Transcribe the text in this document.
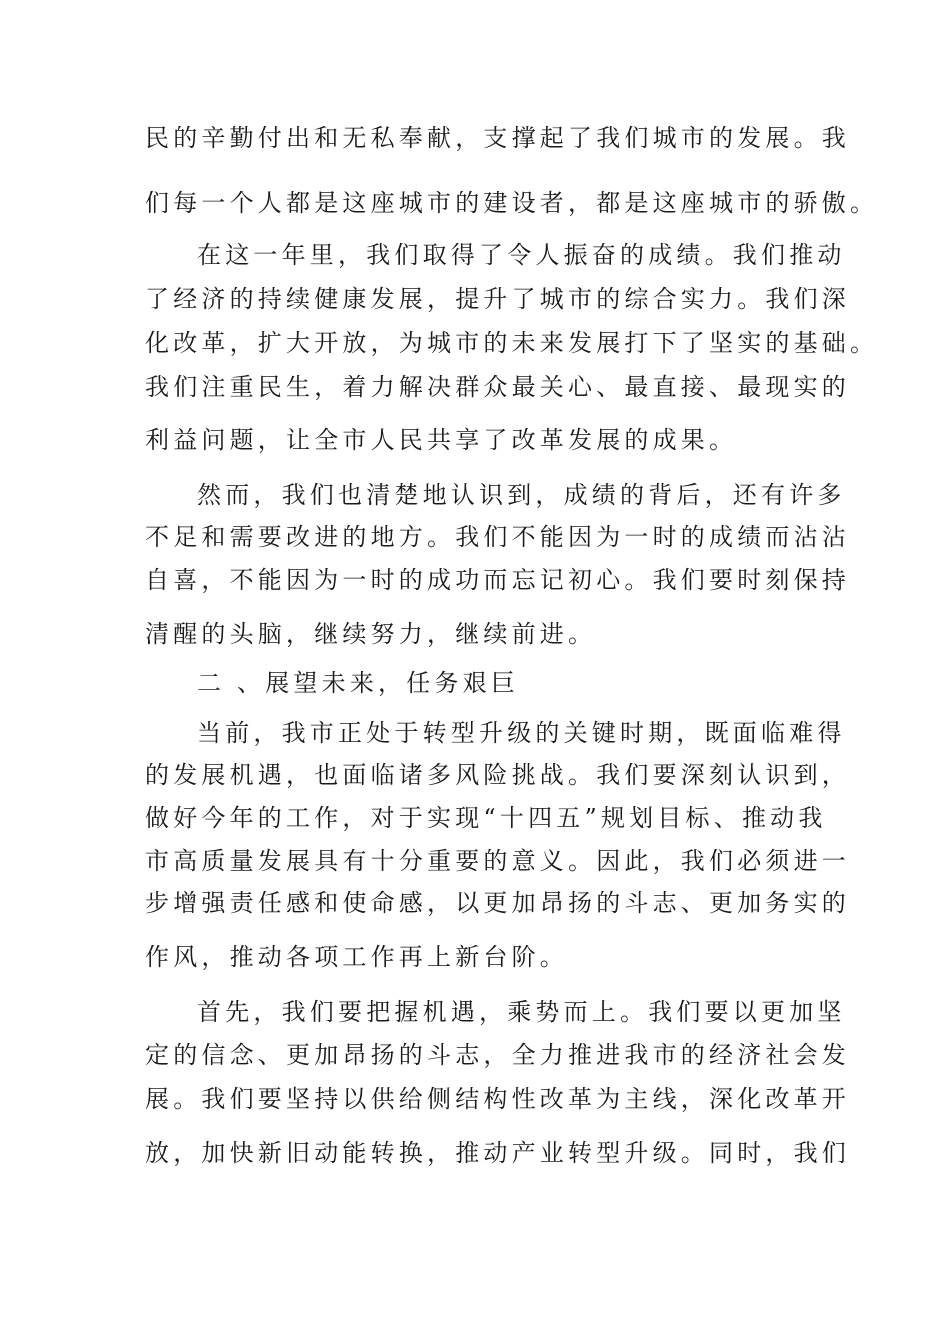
民的辛勤付出和无私奉献，支撑起了我们城市的发展。我
们每一个人都是这座城市的建设者，都是这座城市的骄傲。
在这一年里，我们取得了令人振奋的成绩。我们推动
了经济的持续健康发展，提升了城市的综合实力。我们深
化改革，扩大开放，为城市的未来发展打下了坚实的基础。
我们注重民生，着力解决群众最关心、最直接、最现实的
利益问题，让全市人民共享了改革发展的成果。
然而，我们也清楚地认识到，成绩的背后，还有许多
不足和需要改进的地方。我们不能因为一时的成绩而沾沾
自喜，不能因为一时的成功而忘记初心。我们要时刻保持
清醒的头脑，继续努力，继续前进。
二 、展望未来，任务艰巨
当前，我市正处于转型升级的关键时期，既面临难得
的发展机遇，也面临诸多风险挑战。我们要深刻认识到，
做好今年的工作，对于实现“十四五”规划目标、推动我
市高质量发展具有十分重要的意义。因此，我们必须进一
步增强责任感和使命感，以更加昂扬的斗志、更加务实的
作风，推动各项工作再上新台阶。
首先，我们要把握机遇，乘势而上。我们要以更加坚
定的信念、更加昂扬的斗志，全力推进我市的经济社会发
展。我们要坚持以供给侧结构性改革为主线，深化改革开
放，加快新旧动能转换，推动产业转型升级。同时，我们
